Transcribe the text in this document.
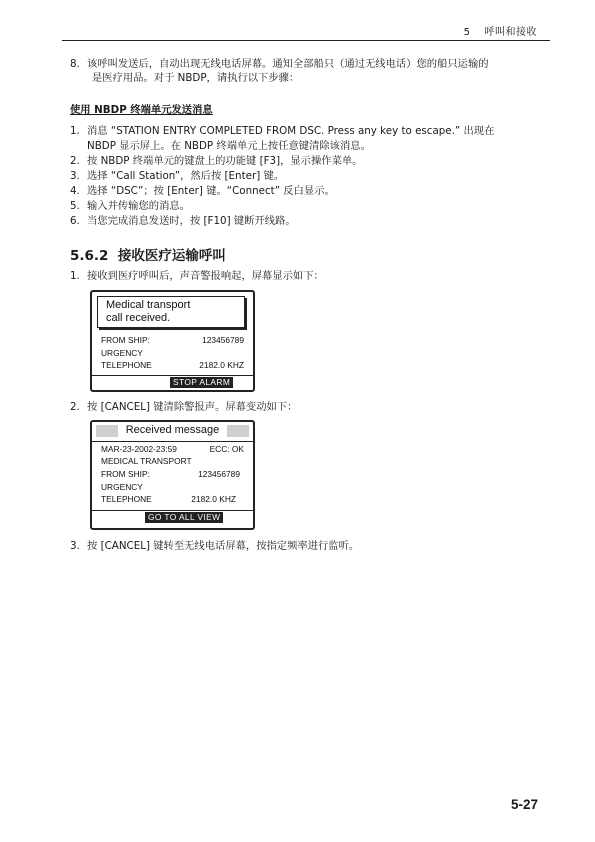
5 呼叫和接收
8. 该呼叫发送后，自动出现无线电话屏幕。通知全部船只（通过无线电话）您的船只运输的
是医疗用品。对于 NBDP，请执行以下步骤：
使用 NBDP 终端单元发送消息
1. 消息 “STATION ENTRY COMPLETED FROM DSC. Press any key to escape.” 出现在
NBDP 显示屏上。在 NBDP 终端单元上按任意键清除该消息。
2. 按 NBDP 终端单元的键盘上的功能键 [F3]，显示操作菜单。
3. 选择 “Call Station”，然后按 [Enter] 键。
4. 选择 “DSC”；按 [Enter] 键。“Connect” 反白显示。
5. 输入并传输您的消息。
6. 当您完成消息发送时，按 [F10] 键断开线路。
5.6.2 接收医疗运输呼叫
1. 接收到医疗呼叫后，声音警报响起，屏幕显示如下：
Medical transport
call received.
FROM SHIP:	123456789
URGENCY
TELEPHONE	2182.0 KHZ
STOP ALARM
2. 按 [CANCEL] 键清除警报声。屏幕变动如下：
Received message
MAR-23-2002-23:59	ECC: OK
MEDICAL TRANSPORT
FROM SHIP:	123456789
URGENCY
TELEPHONE	2182.0 KHZ
GO TO ALL VIEW
3. 按 [CANCEL] 键转至无线电话屏幕，按指定频率进行监听。
5-27
